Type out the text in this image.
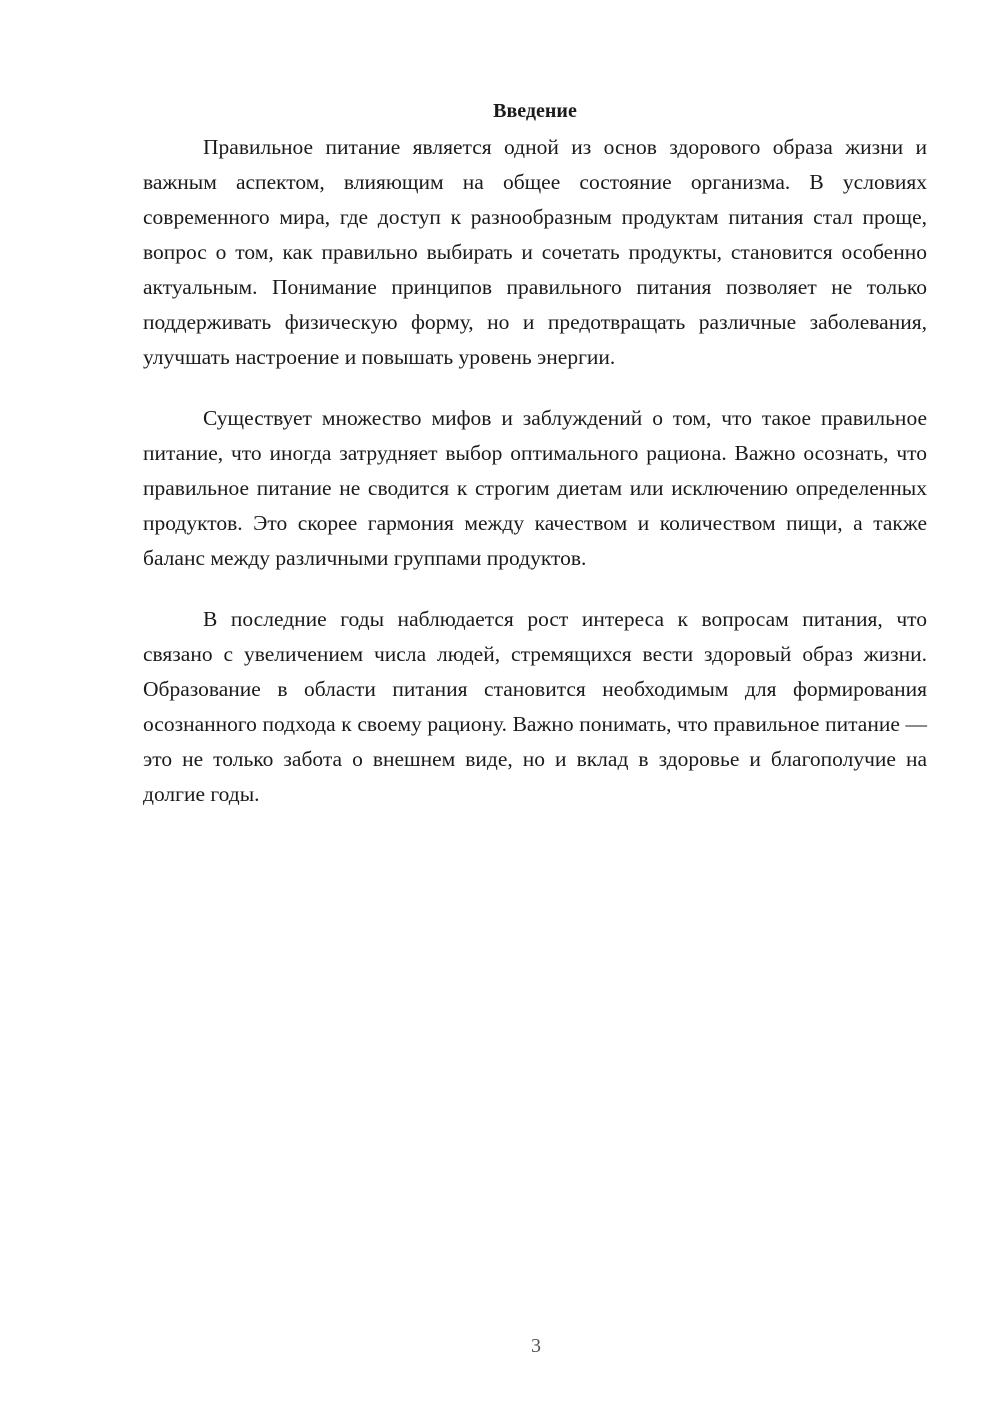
Введение

Правильное питание является одной из основ здорового образа жизни и важным аспектом, влияющим на общее состояние организма. В условиях современного мира, где доступ к разнообразным продуктам питания стал проще, вопрос о том, как правильно выбирать и сочетать продукты, становится особенно актуальным. Понимание принципов правильного питания позволяет не только поддерживать физическую форму, но и предотвращать различные заболевания, улучшать настроение и повышать уровень энергии.

Существует множество мифов и заблуждений о том, что такое правильное питание, что иногда затрудняет выбор оптимального рациона. Важно осознать, что правильное питание не сводится к строгим диетам или исключению определенных продуктов. Это скорее гармония между качеством и количеством пищи, а также баланс между различными группами продуктов.

В последние годы наблюдается рост интереса к вопросам питания, что связано с увеличением числа людей, стремящихся вести здоровый образ жизни. Образование в области питания становится необходимым для формирования осознанного подхода к своему рациону. Важно понимать, что правильное питание — это не только забота о внешнем виде, но и вклад в здоровье и благополучие на долгие годы.

3
